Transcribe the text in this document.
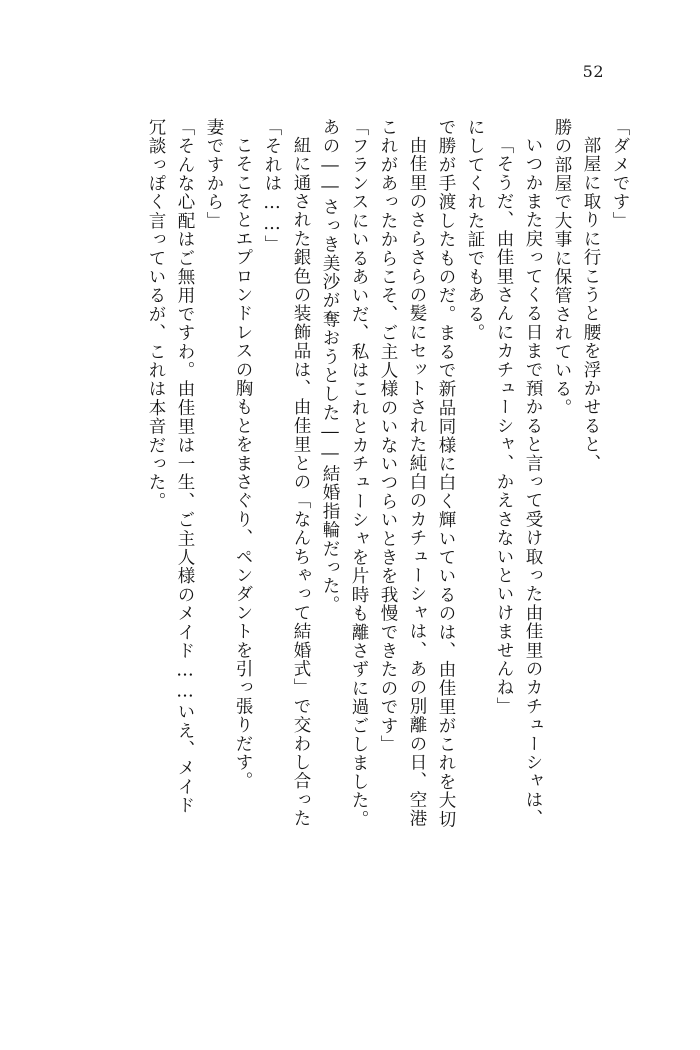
52
冗談っぽく言っているが、これは本音だった。 「そんな心配はご無用ですわ。由佳里は一生、ご主人様のメイド……いえ、メイド 妻ですから」 こそこそとエプロンドレスの胸もとをまさぐり、ペンダントを引っ張りだす。 「それは……」 紐に通された銀色の装飾品は、由佳里との「なんちゃって結婚式」で交わし合った あの――さっき美沙が奪おうとした――結婚指輪だった。 「フランスにいるあいだ、私はこれとカチューシャを片時も離さずに過ごしました。 これがあったからこそ、ご主人様のいないつらいときを我慢できたのです」 由佳里のさらさらの髪にセットされた純白のカチューシャは、あの別離の日、空港 で勝が手渡したものだ。まるで新品同様に白く輝いているのは、由佳里がこれを大切 にしてくれた証でもある。 「そうだ、由佳里さんにカチューシャ、かえさないといけませんね」 いつかまた戻ってくる日まで預かると言って受け取った由佳里のカチューシャは、 勝の部屋で大事に保管されている。 部屋に取りに行こうと腰を浮かせると、 「ダメです」
